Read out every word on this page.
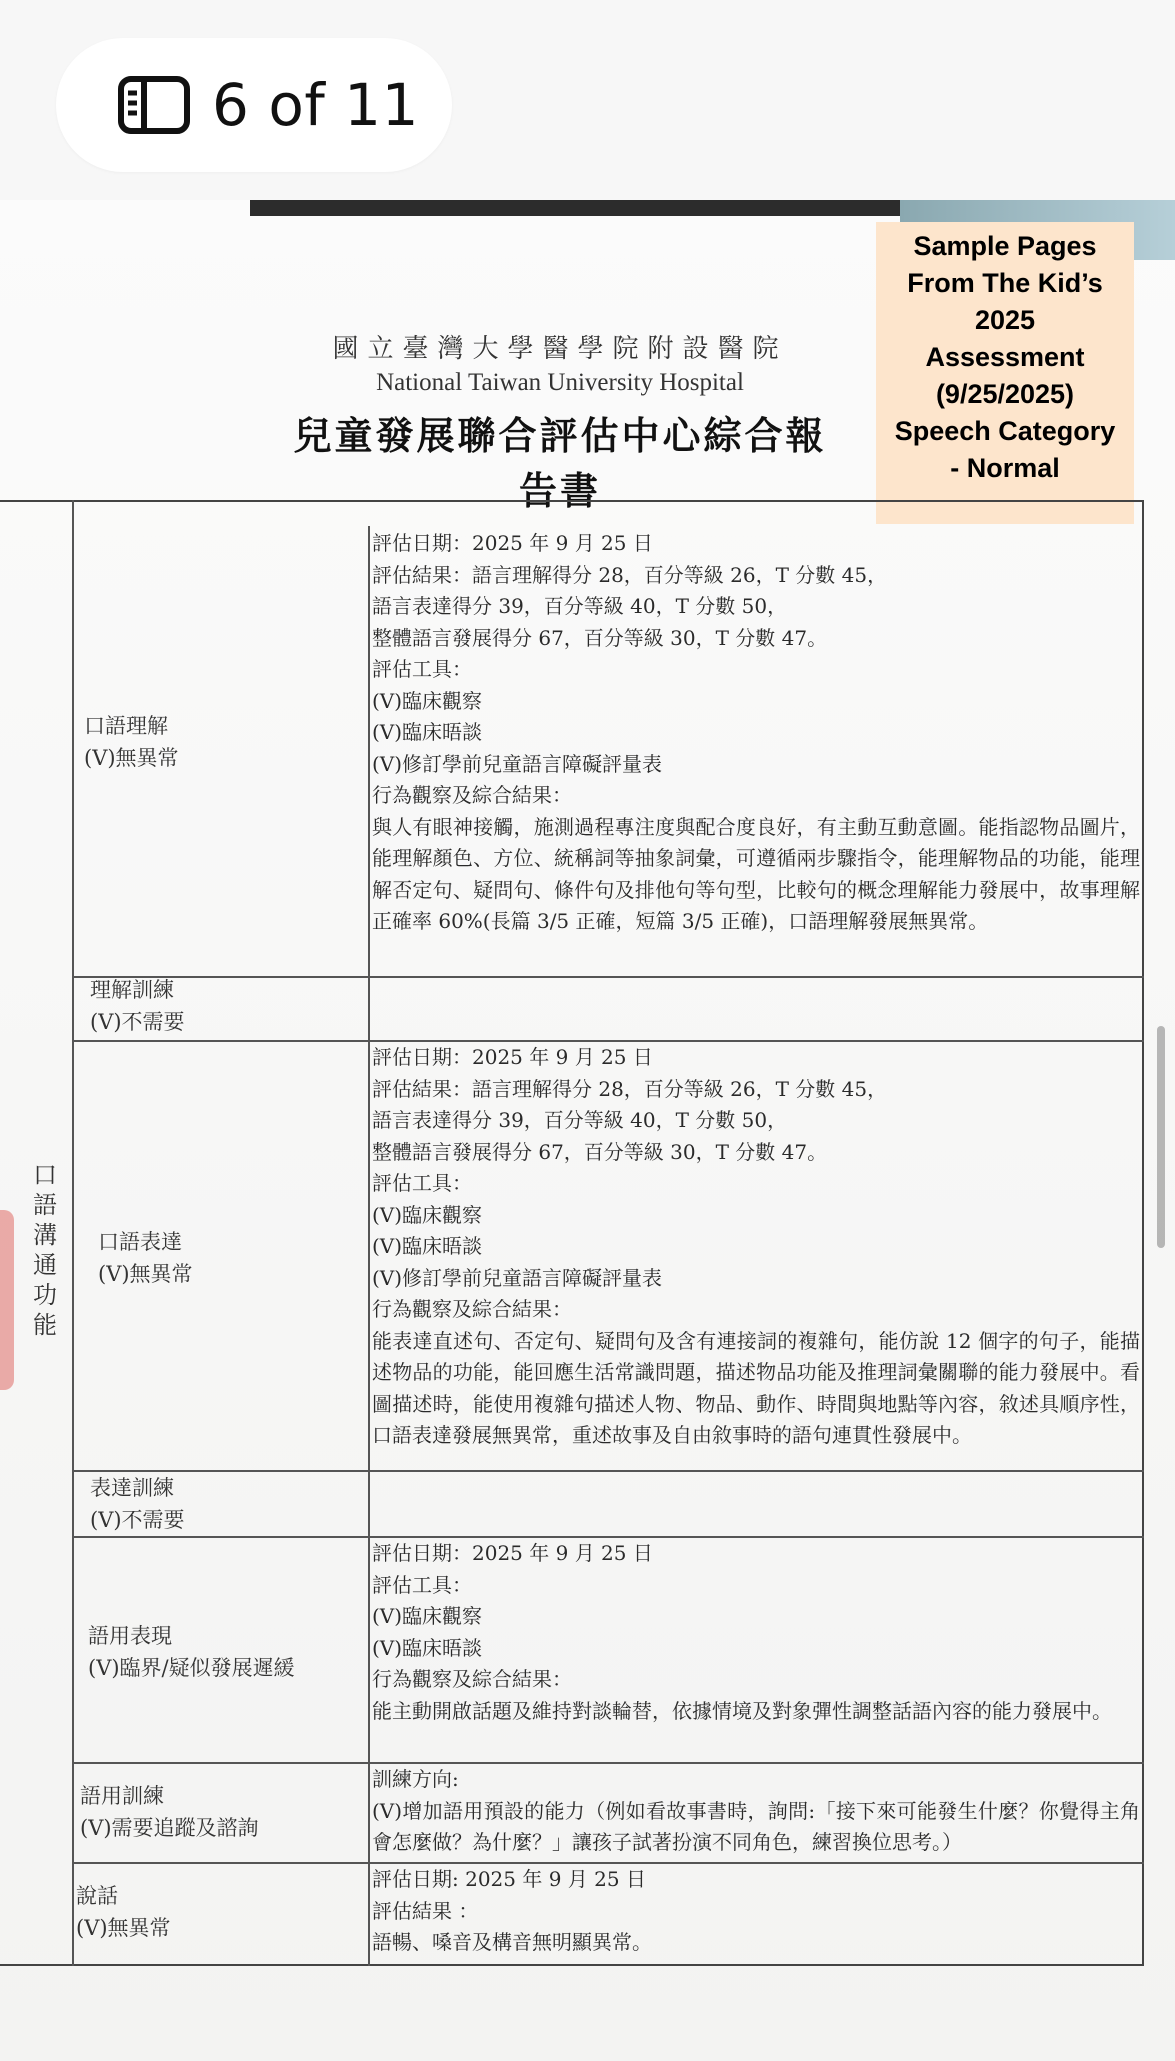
6 of 11
國立臺灣大學醫學院附設醫院
National Taiwan University Hospital
兒童發展聯合評估中心綜合報告書
Sample Pages
From The Kid’s
2025
Assessment
(9/25/2025)
Speech Category
- Normal
口
語
溝
通
功
能
口語理解
(V)無異常
評估日期：2025 年 9 月 25 日
評估結果：語言理解得分 28，百分等級 26，T 分數 45，
語言表達得分 39，百分等級 40，T 分數 50，
整體語言發展得分 67，百分等級 30，T 分數 47。
評估工具：
(V)臨床觀察
(V)臨床晤談
(V)修訂學前兒童語言障礙評量表
行為觀察及綜合結果：
與人有眼神接觸，施測過程專注度與配合度良好，有主動互動意圖。能指認物品圖片，能理解顏色、方位、統稱詞等抽象詞彙，可遵循兩步驟指令，能理解物品的功能，能理解否定句、疑問句、條件句及排他句等句型，比較句的概念理解能力發展中，故事理解正確率 60%(長篇 3/5 正確，短篇 3/5 正確)，口語理解發展無異常。
理解訓練
(V)不需要
口語表達
(V)無異常
評估日期：2025 年 9 月 25 日
評估結果：語言理解得分 28，百分等級 26，T 分數 45，
語言表達得分 39，百分等級 40，T 分數 50，
整體語言發展得分 67，百分等級 30，T 分數 47。
評估工具：
(V)臨床觀察
(V)臨床晤談
(V)修訂學前兒童語言障礙評量表
行為觀察及綜合結果：
能表達直述句、否定句、疑問句及含有連接詞的複雜句，能仿說 12 個字的句子，能描述物品的功能，能回應生活常識問題，描述物品功能及推理詞彙關聯的能力發展中。看圖描述時，能使用複雜句描述人物、物品、動作、時間與地點等內容，敘述具順序性，口語表達發展無異常，重述故事及自由敘事時的語句連貫性發展中。
表達訓練
(V)不需要
語用表現
(V)臨界/疑似發展遲緩
評估日期：2025 年 9 月 25 日
評估工具：
(V)臨床觀察
(V)臨床晤談
行為觀察及綜合結果：
能主動開啟話題及維持對談輪替，依據情境及對象彈性調整話語內容的能力發展中。
語用訓練
(V)需要追蹤及諮詢
訓練方向:
(V)增加語用預設的能力（例如看故事書時，詢問:「接下來可能發生什麼？你覺得主角會怎麼做？為什麼？」讓孩子試著扮演不同角色，練習換位思考。）
說話
(V)無異常
評估日期: 2025 年 9 月 25 日
評估結果 ：
語暢、嗓音及構音無明顯異常。
